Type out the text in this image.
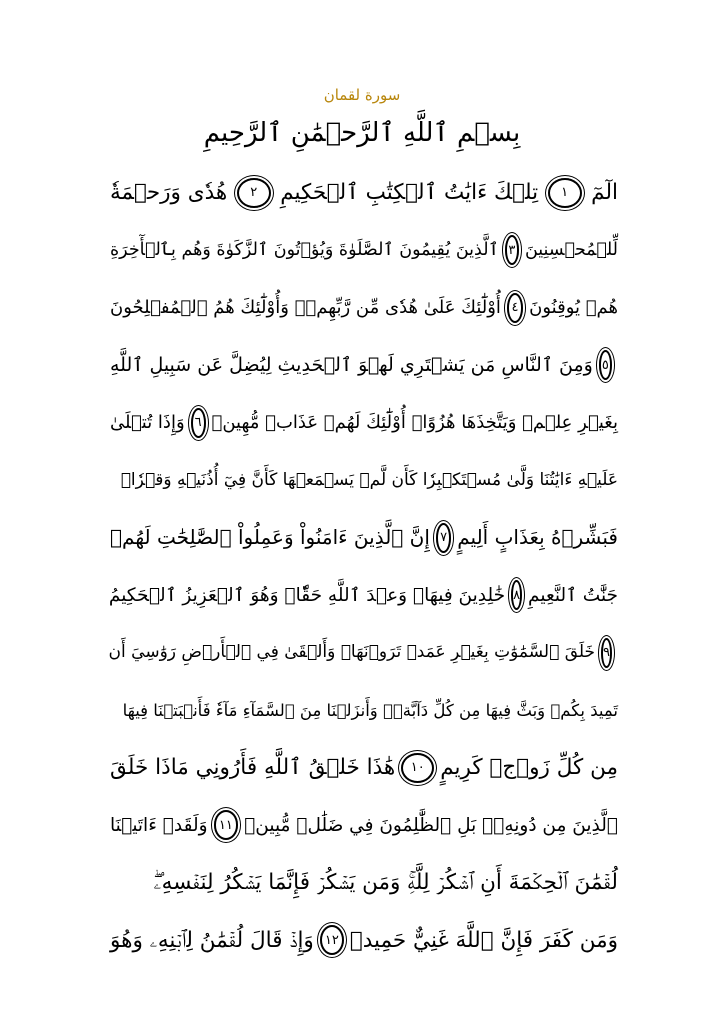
سورة لقمان
بِسۡمِ ٱللَّهِ ٱلرَّحۡمَٰنِ ٱلرَّحِيمِ
الٓمٓ
١
تِلۡكَ ءَايَٰتُ ٱلۡكِتَٰبِ ٱلۡحَكِيمِ
٢
هُدٗى وَرَحۡمَةٗ
لِّلۡمُحۡسِنِينَ
٣
ٱلَّذِينَ يُقِيمُونَ ٱلصَّلَوٰةَ وَيُؤۡتُونَ ٱلزَّكَوٰةَ وَهُم بِٱلۡأٓخِرَةِ
هُمۡ يُوقِنُونَ
٤
أُوْلَٰٓئِكَ عَلَىٰ هُدٗى مِّن رَّبِّهِمۡۖ وَأُوْلَٰٓئِكَ هُمُ ٱلۡمُفۡلِحُونَ
٥
وَمِنَ ٱلنَّاسِ مَن يَشۡتَرِي لَهۡوَ ٱلۡحَدِيثِ لِيُضِلَّ عَن سَبِيلِ ٱللَّهِ
بِغَيۡرِ عِلۡمٖ وَيَتَّخِذَهَا هُزُوًاۚ أُوْلَٰٓئِكَ لَهُمۡ عَذَابٞ مُّهِينٞ
٦
وَإِذَا تُتۡلَىٰ
عَلَيۡهِ ءَايَٰتُنَا وَلَّىٰ مُسۡتَكۡبِرٗا كَأَن لَّمۡ يَسۡمَعۡهَا كَأَنَّ فِيٓ أُذُنَيۡهِ وَقۡرٗاۖ
فَبَشِّرۡهُ بِعَذَابٍ أَلِيمٍ
٧
إِنَّ ٱلَّذِينَ ءَامَنُواْ وَعَمِلُواْ ٱلصَّٰلِحَٰتِ لَهُمۡ
جَنَّٰتُ ٱلنَّعِيمِ
٨
خَٰلِدِينَ فِيهَاۖ وَعۡدَ ٱللَّهِ حَقّٗاۚ وَهُوَ ٱلۡعَزِيزُ ٱلۡحَكِيمُ
٩
خَلَقَ ٱلسَّمَٰوَٰتِ بِغَيۡرِ عَمَدٖ تَرَوۡنَهَاۖ وَأَلۡقَىٰ فِي ٱلۡأَرۡضِ رَوَٰسِيَ أَن
تَمِيدَ بِكُمۡ وَبَثَّ فِيهَا مِن كُلِّ دَآبَّةٖۚ وَأَنزَلۡنَا مِنَ ٱلسَّمَآءِ مَآءٗ فَأَنۢبَتۡنَا فِيهَا
مِن كُلِّ زَوۡجٖ كَرِيمٍ
١٠
هَٰذَا خَلۡقُ ٱللَّهِ فَأَرُونِي مَاذَا خَلَقَ
ٱلَّذِينَ مِن دُونِهِۦۚ بَلِ ٱلظَّٰلِمُونَ فِي ضَلَٰلٖ مُّبِينٖ
١١
وَلَقَدۡ ءَاتَيۡنَا
لُقۡمَٰنَ ٱلۡحِكۡمَةَ أَنِ ٱشۡكُرۡ لِلَّهِۚ وَمَن يَشۡكُرۡ فَإِنَّمَا يَشۡكُرُ لِنَفۡسِهِۦۖ
وَمَن كَفَرَ فَإِنَّ ٱللَّهَ غَنِيٌّ حَمِيدٞ
١٢
وَإِذۡ قَالَ لُقۡمَٰنُ لِٱبۡنِهِۦ وَهُوَ
